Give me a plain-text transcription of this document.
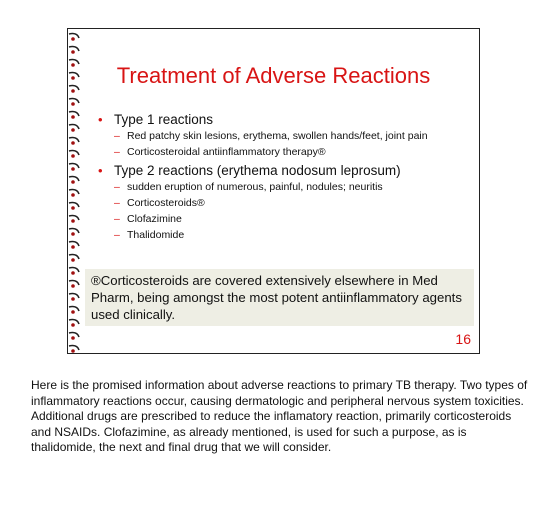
Treatment of Adverse Reactions
• Type 1 reactions
– Red patchy skin lesions, erythema, swollen hands/feet, joint pain
– Corticosteroidal antiinflammatory therapy®
• Type 2 reactions (erythema nodosum leprosum)
– sudden eruption of numerous, painful, nodules; neuritis
– Corticosteroids®
– Clofazimine
– Thalidomide
®Corticosteroids are covered extensively elsewhere in Med Pharm, being amongst the most potent antiinflammatory agents used clinically.
16
Here is the promised information about adverse reactions to primary TB therapy. Two types of inflammatory reactions occur, causing dermatologic and peripheral nervous system toxicities. Additional drugs are prescribed to reduce the inflamatory reaction, primarily corticosteroids and NSAIDs. Clofazimine, as already mentioned, is used for such a purpose, as is thalidomide, the next and final drug that we will consider.
